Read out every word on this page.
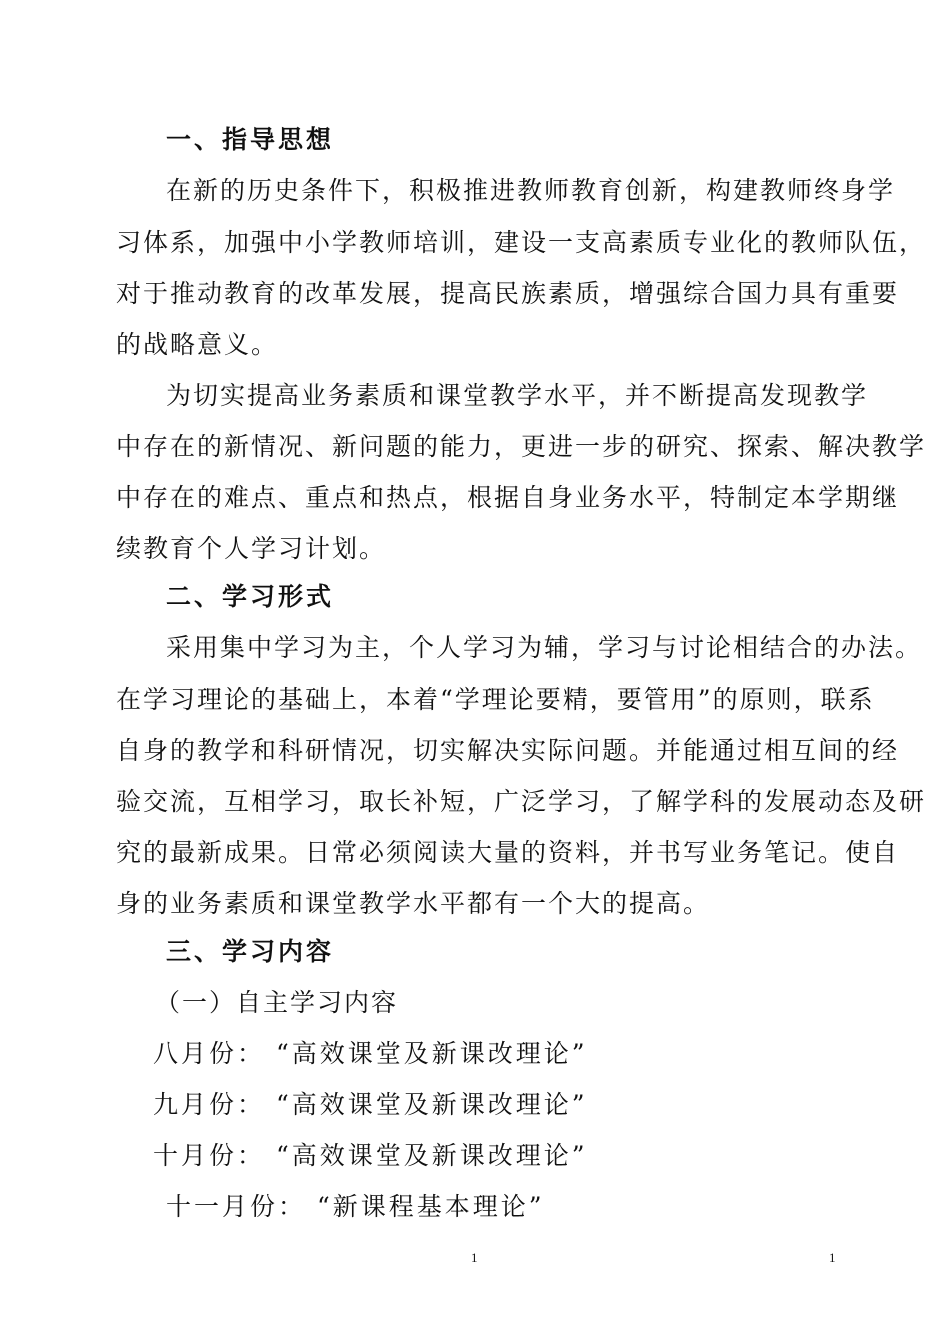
一、指导思想
在新的历史条件下，积极推进教师教育创新，构建教师终身学
习体系，加强中小学教师培训，建设一支高素质专业化的教师队伍，
对于推动教育的改革发展，提高民族素质，增强综合国力具有重要
的战略意义。
为切实提高业务素质和课堂教学水平，并不断提高发现教学
中存在的新情况、新问题的能力，更进一步的研究、探索、解决教学
中存在的难点、重点和热点，根据自身业务水平，特制定本学期继
续教育个人学习计划。
二、学习形式
采用集中学习为主，个人学习为辅，学习与讨论相结合的办法。
在学习理论的基础上，本着“学理论要精，要管用”的原则，联系
自身的教学和科研情况，切实解决实际问题。并能通过相互间的经
验交流，互相学习，取长补短，广泛学习，了解学科的发展动态及研
究的最新成果。日常必须阅读大量的资料，并书写业务笔记。使自
身的业务素质和课堂教学水平都有一个大的提高。
三、学习内容
（一）自主学习内容
八月份： “高效课堂及新课改理论”
九月份： “高效课堂及新课改理论”
十月份： “高效课堂及新课改理论”
十一月份： “新课程基本理论”
1	1
